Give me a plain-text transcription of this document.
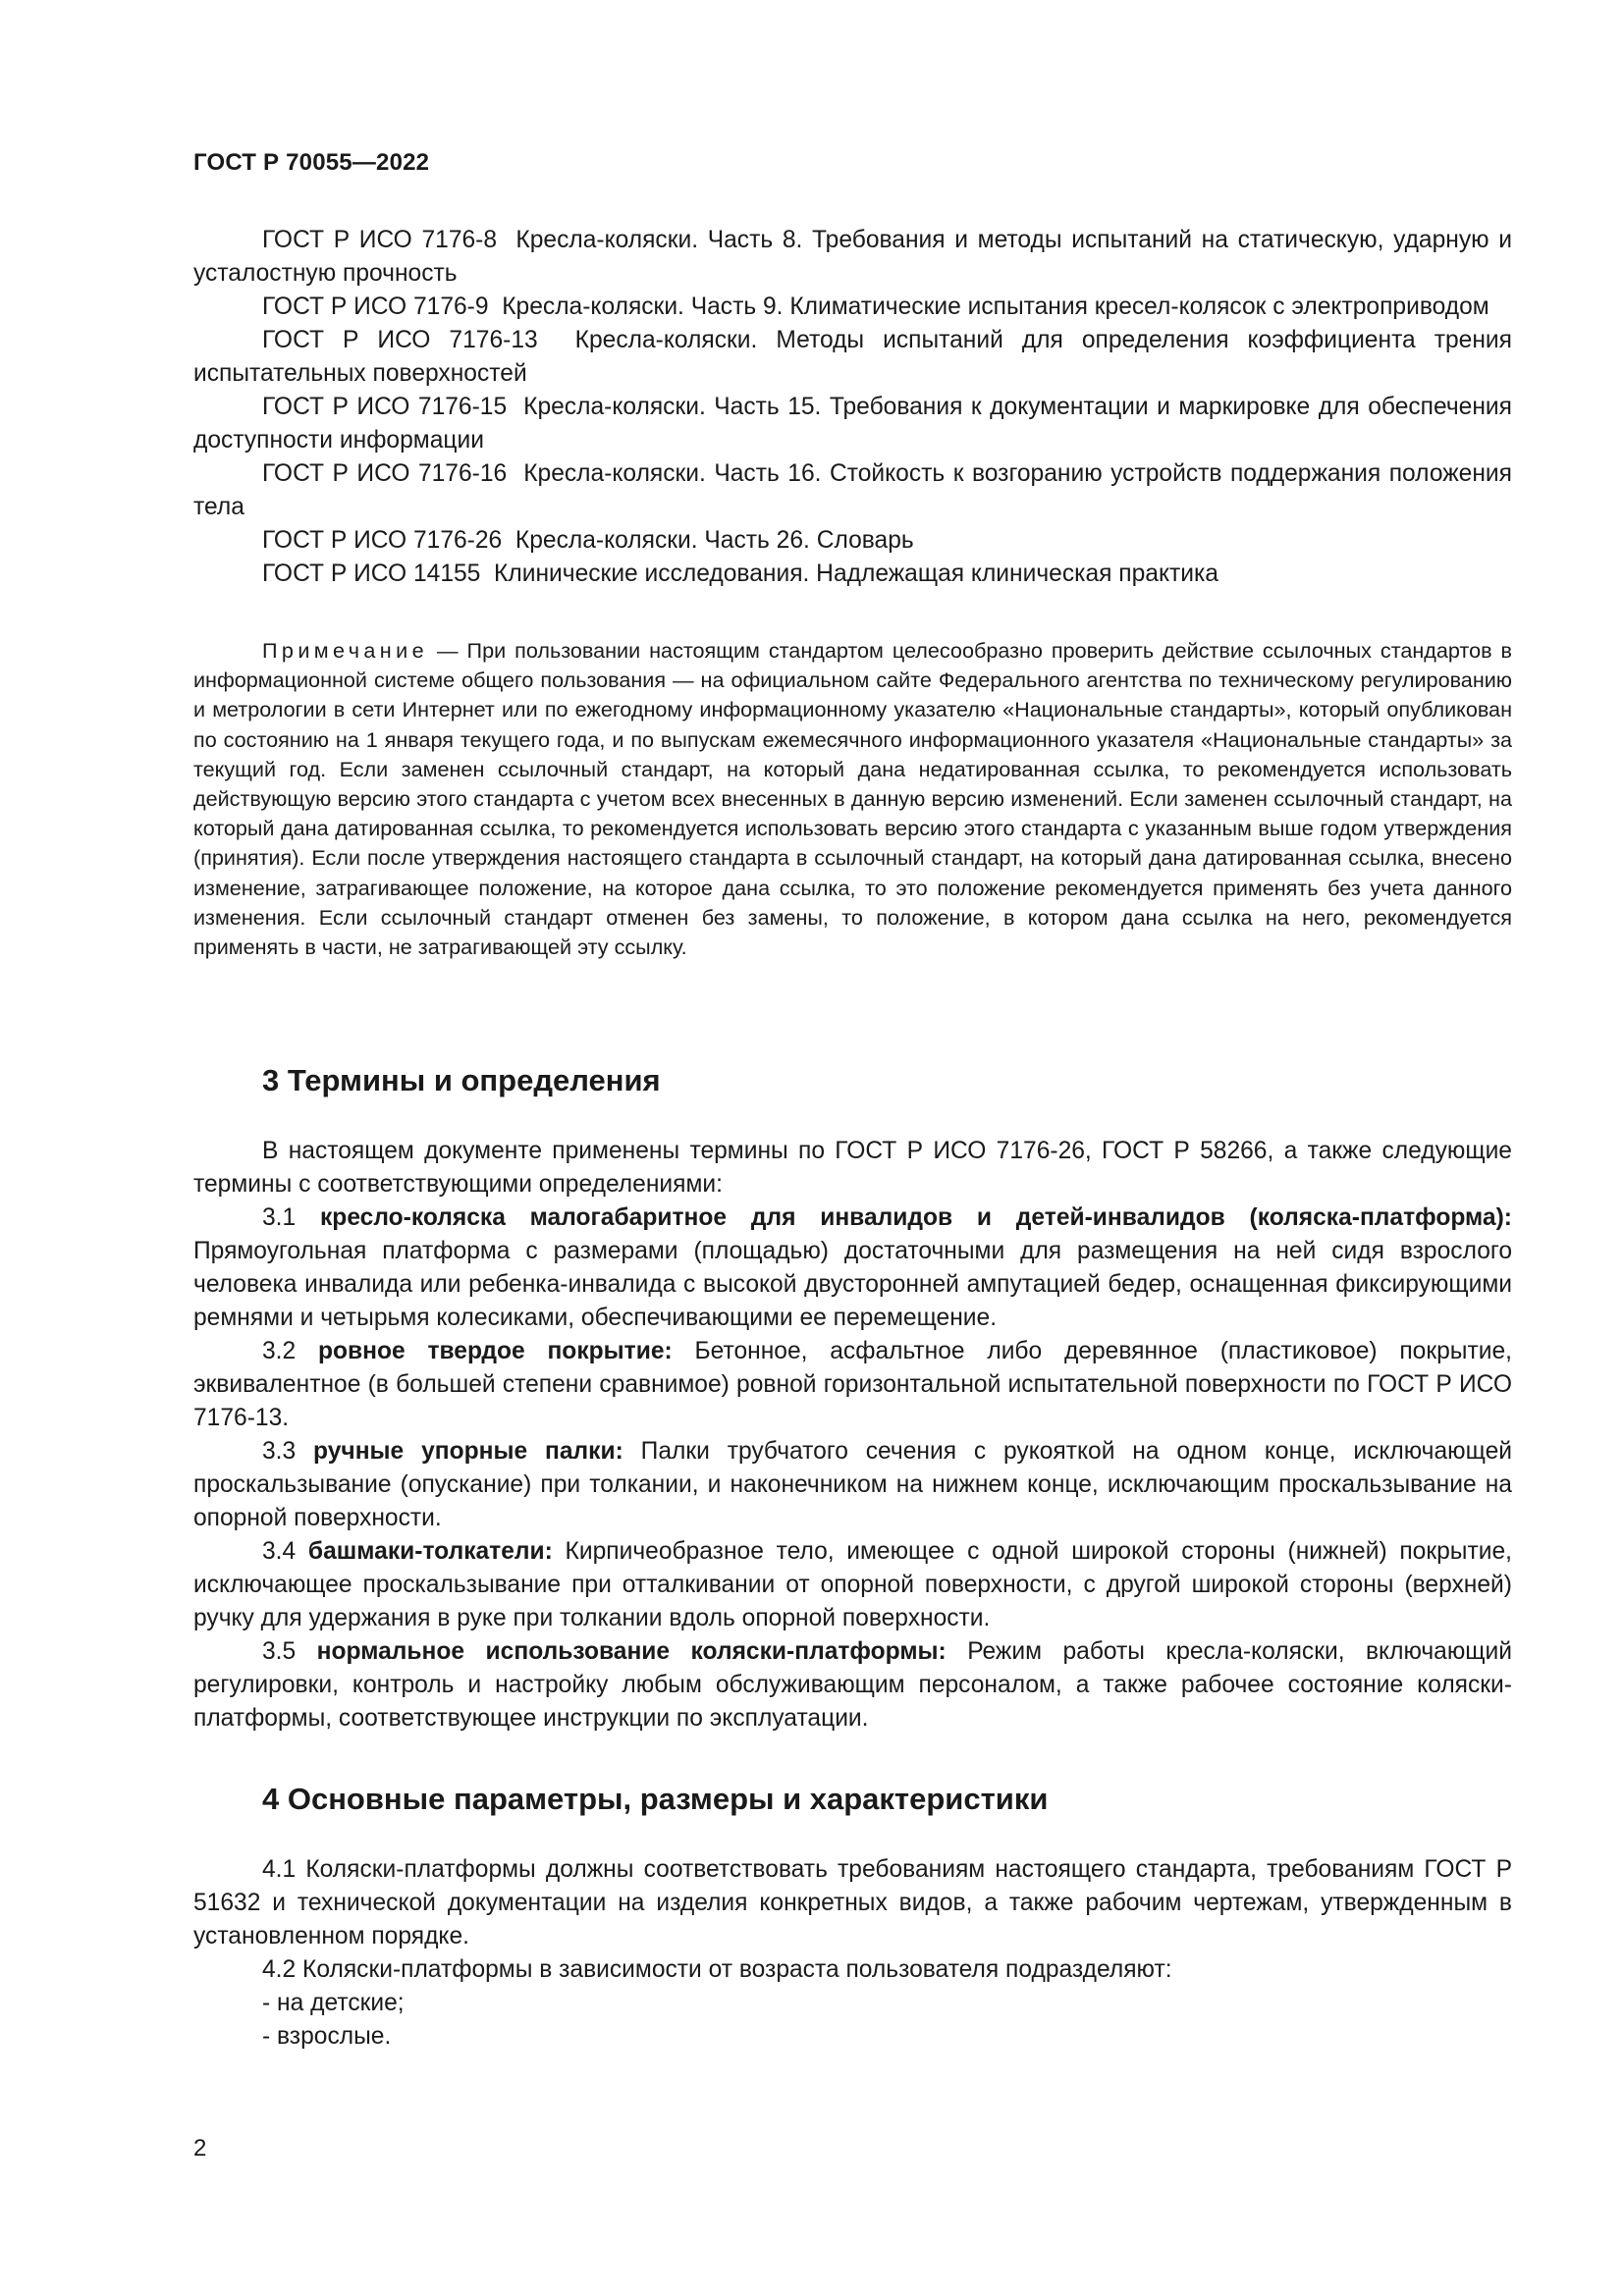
ГОСТ Р 70055—2022

ГОСТ Р ИСО 7176-8 Кресла-коляски. Часть 8. Требования и методы испытаний на статическую, ударную и усталостную прочность

ГОСТ Р ИСО 7176-9 Кресла-коляски. Часть 9. Климатические испытания кресел-колясок с электроприводом

ГОСТ Р ИСО 7176-13 Кресла-коляски. Методы испытаний для определения коэффициента трения испытательных поверхностей

ГОСТ Р ИСО 7176-15 Кресла-коляски. Часть 15. Требования к документации и маркировке для обеспечения доступности информации

ГОСТ Р ИСО 7176-16 Кресла-коляски. Часть 16. Стойкость к возгоранию устройств поддержания положения тела

ГОСТ Р ИСО 7176-26 Кресла-коляски. Часть 26. Словарь

ГОСТ Р ИСО 14155 Клинические исследования. Надлежащая клиническая практика

Примечание — При пользовании настоящим стандартом целесообразно проверить действие ссылочных стандартов в информационной системе общего пользования — на официальном сайте Федерального агентства по техническому регулированию и метрологии в сети Интернет или по ежегодному информационному указателю «Национальные стандарты», который опубликован по состоянию на 1 января текущего года, и по выпускам ежемесячного информационного указателя «Национальные стандарты» за текущий год. Если заменен ссылочный стандарт, на который дана недатированная ссылка, то рекомендуется использовать действующую версию этого стандарта с учетом всех внесенных в данную версию изменений. Если заменен ссылочный стандарт, на который дана датированная ссылка, то рекомендуется использовать версию этого стандарта с указанным выше годом утверждения (принятия). Если после утверждения настоящего стандарта в ссылочный стандарт, на который дана датированная ссылка, внесено изменение, затрагивающее положение, на которое дана ссылка, то это положение рекомендуется применять без учета данного изменения. Если ссылочный стандарт отменен без замены, то положение, в котором дана ссылка на него, рекомендуется применять в части, не затрагивающей эту ссылку.

3 Термины и определения

В настоящем документе применены термины по ГОСТ Р ИСО 7176-26, ГОСТ Р 58266, а также следующие термины с соответствующими определениями:

3.1 кресло-коляска малогабаритное для инвалидов и детей-инвалидов (коляска-платформа): Прямоугольная платформа с размерами (площадью) достаточными для размещения на ней сидя взрослого человека инвалида или ребенка-инвалида с высокой двусторонней ампутацией бедер, оснащенная фиксирующими ремнями и четырьмя колесиками, обеспечивающими ее перемещение.

3.2 ровное твердое покрытие: Бетонное, асфальтное либо деревянное (пластиковое) покрытие, эквивалентное (в большей степени сравнимое) ровной горизонтальной испытательной поверхности по ГОСТ Р ИСО 7176-13.

3.3 ручные упорные палки: Палки трубчатого сечения с рукояткой на одном конце, исключающей проскальзывание (опускание) при толкании, и наконечником на нижнем конце, исключающим проскальзывание на опорной поверхности.

3.4 башмаки-толкатели: Кирпичеобразное тело, имеющее с одной широкой стороны (нижней) покрытие, исключающее проскальзывание при отталкивании от опорной поверхности, с другой широкой стороны (верхней) ручку для удержания в руке при толкании вдоль опорной поверхности.

3.5 нормальное использование коляски-платформы: Режим работы кресла-коляски, включающий регулировки, контроль и настройку любым обслуживающим персоналом, а также рабочее состояние коляски-платформы, соответствующее инструкции по эксплуатации.

4 Основные параметры, размеры и характеристики

4.1 Коляски-платформы должны соответствовать требованиям настоящего стандарта, требованиям ГОСТ Р 51632 и технической документации на изделия конкретных видов, а также рабочим чертежам, утвержденным в установленном порядке.

4.2 Коляски-платформы в зависимости от возраста пользователя подразделяют:

- на детские;

- взрослые.

2
